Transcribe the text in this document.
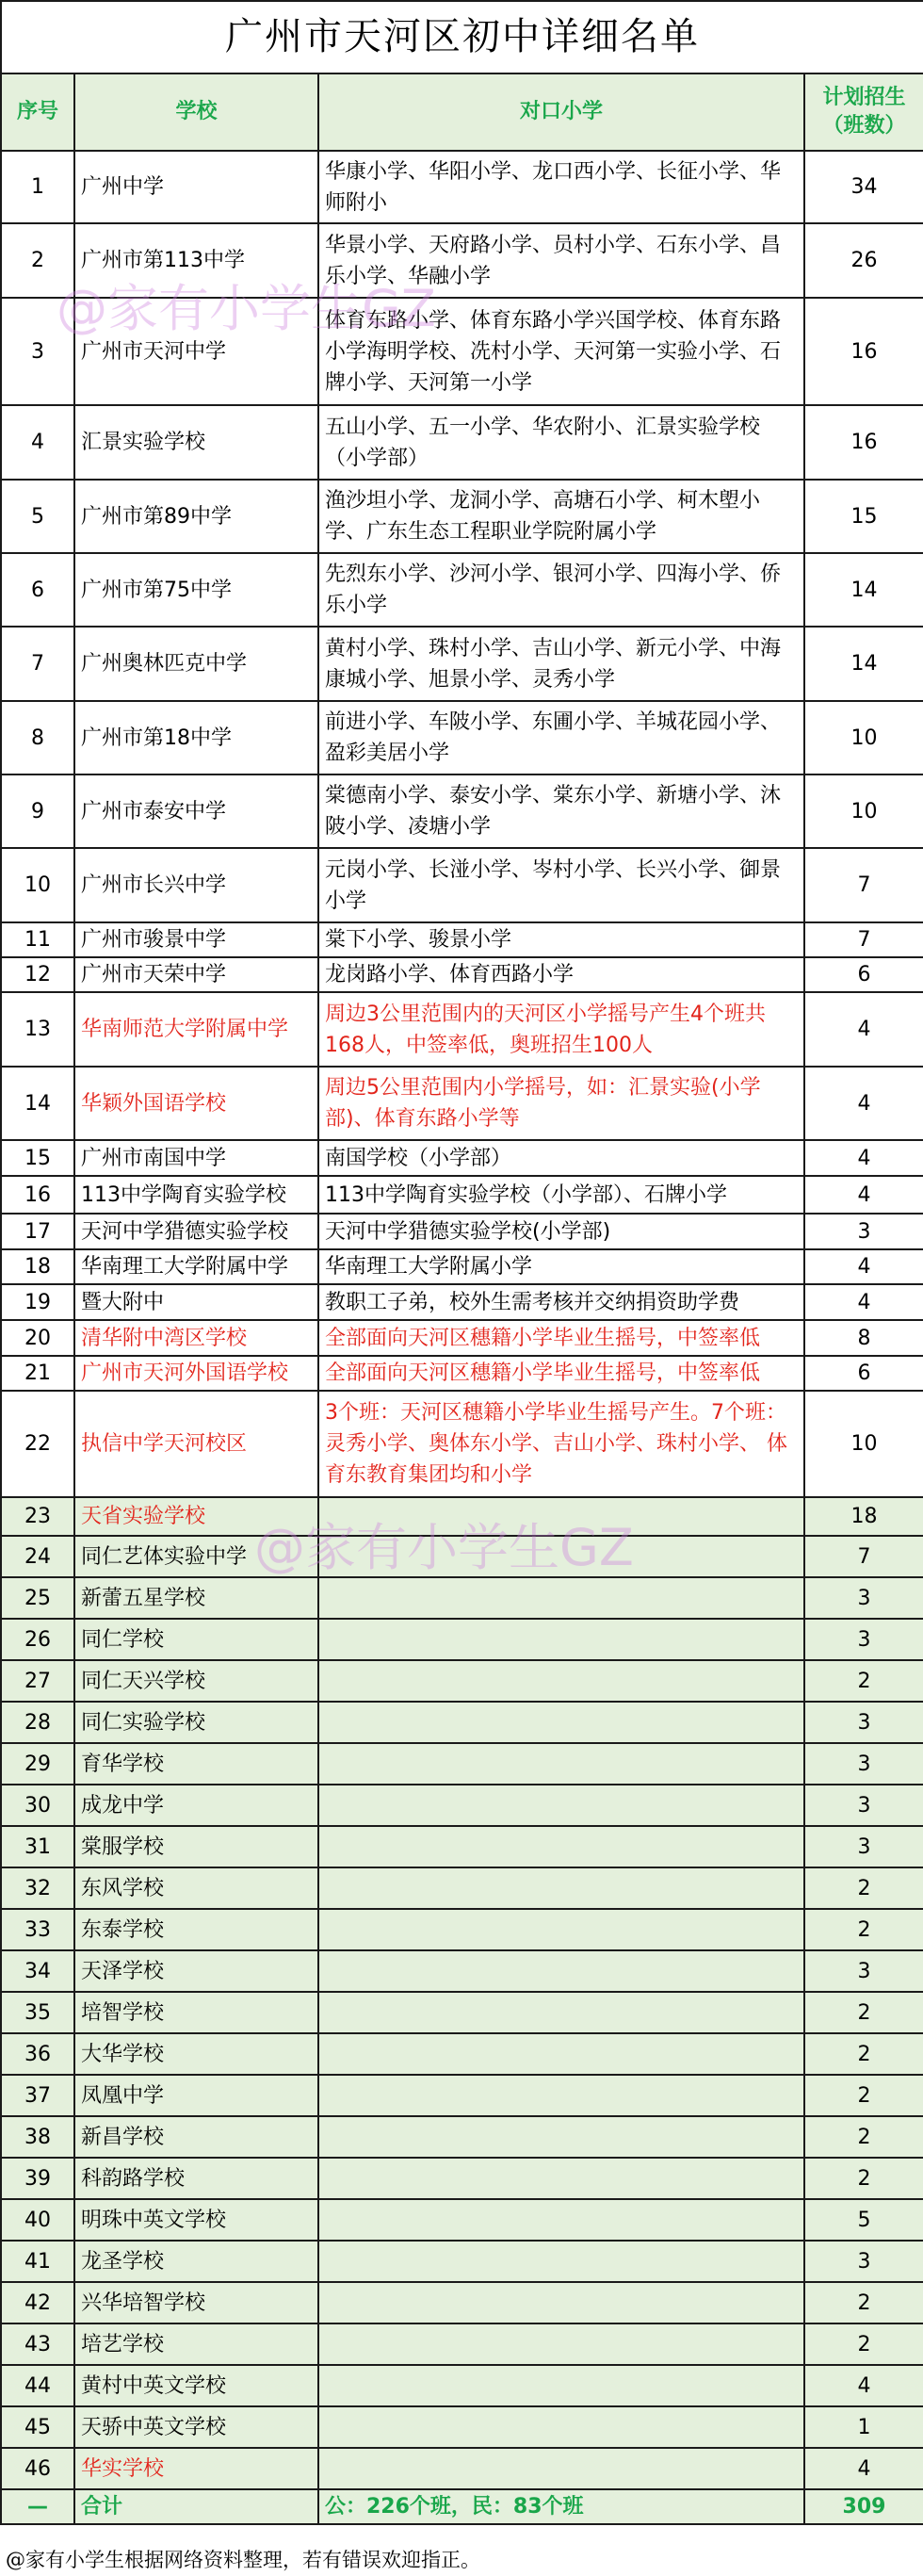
广州市天河区初中详细名单			
序号	学校	对口小学	计划招生（班数）
1	广州中学	华康小学、华阳小学、龙口西小学、长征小学、华师附小	34
2	广州市第113中学	华景小学、天府路小学、员村小学、石东小学、昌乐小学、华融小学	26
3	广州市天河中学	体育东路小学、体育东路小学兴国学校、体育东路小学海明学校、冼村小学、天河第一实验小学、石牌小学、天河第一小学	16
4	汇景实验学校	五山小学、五一小学、华农附小、汇景实验学校（小学部）	16
5	广州市第89中学	渔沙坦小学、龙洞小学、高塘石小学、柯木塱小学、广东生态工程职业学院附属小学	15
6	广州市第75中学	先烈东小学、沙河小学、银河小学、四海小学、侨乐小学	14
7	广州奥林匹克中学	黄村小学、珠村小学、吉山小学、新元小学、中海康城小学、旭景小学、灵秀小学	14
8	广州市第18中学	前进小学、车陂小学、东圃小学、羊城花园小学、盈彩美居小学	10
9	广州市泰安中学	棠德南小学、泰安小学、棠东小学、新塘小学、沐陂小学、凌塘小学	10
10	广州市长兴中学	元岗小学、长湴小学、岑村小学、长兴小学、御景小学	7
11	广州市骏景中学	棠下小学、骏景小学	7
12	广州市天荣中学	龙岗路小学、体育西路小学	6
13	华南师范大学附属中学	周边3公里范围内的天河区小学摇号产生4个班共168人，中签率低，奥班招生100人	4
14	华颖外国语学校	周边5公里范围内小学摇号，如：汇景实验(小学部)、体育东路小学等	4
15	广州市南国中学	南国学校（小学部）	4
16	113中学陶育实验学校	113中学陶育实验学校（小学部）、石牌小学	4
17	天河中学猎德实验学校	天河中学猎德实验学校(小学部)	3
18	华南理工大学附属中学	华南理工大学附属小学	4
19	暨大附中	教职工子弟，校外生需考核并交纳捐资助学费	4
20	清华附中湾区学校	全部面向天河区穗籍小学毕业生摇号，中签率低	8
21	广州市天河外国语学校	全部面向天河区穗籍小学毕业生摇号，中签率低	6
22	执信中学天河校区	3个班：天河区穗籍小学毕业生摇号产生。7个班：灵秀小学、奥体东小学、吉山小学、珠村小学、 体育东教育集团均和小学	10
23	天省实验学校		18
24	同仁艺体实验中学		7
25	新蕾五星学校		3
26	同仁学校		3
27	同仁天兴学校		2
28	同仁实验学校		3
29	育华学校		3
30	成龙中学		3
31	棠服学校		3
32	东风学校		2
33	东泰学校		2
34	天泽学校		3
35	培智学校		2
36	大华学校		2
37	凤凰中学		2
38	新昌学校		2
39	科韵路学校		2
40	明珠中英文学校		5
41	龙圣学校		3
42	兴华培智学校		2
43	培艺学校		2
44	黄村中英文学校		4
45	天骄中英文学校		1
46	华实学校		4
—	合计	公：226个班，民：83个班	309
@家有小学生GZ
@家有小学生GZ
@家有小学生根据网络资料整理，若有错误欢迎指正。
